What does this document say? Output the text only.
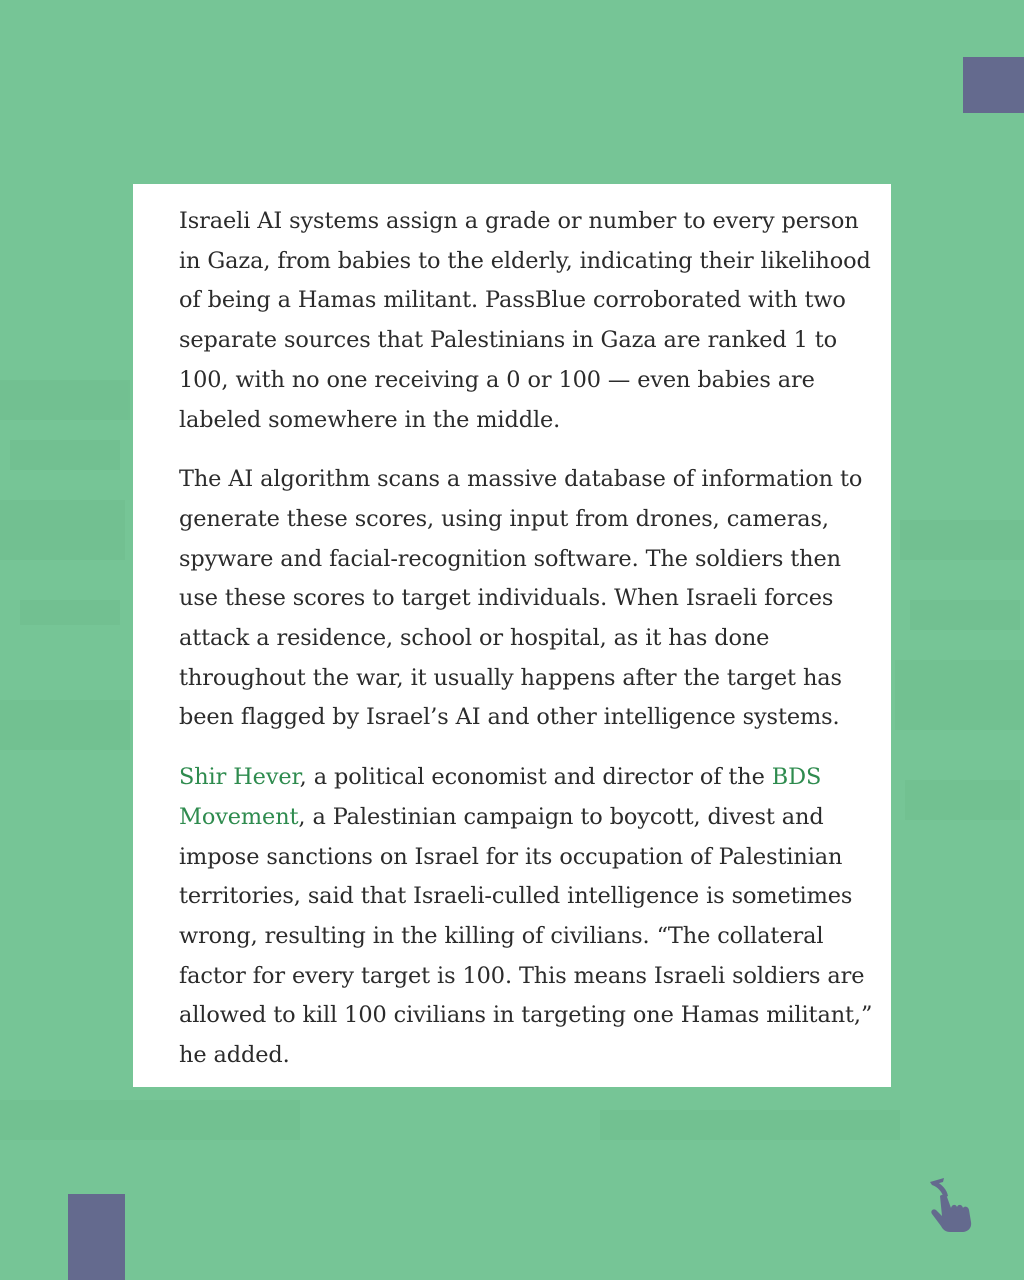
Israeli AI systems assign a grade or number to every person in Gaza, from babies to the elderly, indicating their likelihood of being a Hamas militant. PassBlue corroborated with two separate sources that Palestinians in Gaza are ranked 1 to 100, with no one receiving a 0 or 100 — even babies are labeled somewhere in the middle.

The AI algorithm scans a massive database of information to generate these scores, using input from drones, cameras, spyware and facial-recognition software. The soldiers then use these scores to target individuals. When Israeli forces attack a residence, school or hospital, as it has done throughout the war, it usually happens after the target has been flagged by Israel’s AI and other intelligence systems.

Shir Hever, a political economist and director of the BDS Movement, a Palestinian campaign to boycott, divest and impose sanctions on Israel for its occupation of Palestinian territories, said that Israeli-culled intelligence is sometimes wrong, resulting in the killing of civilians. “The collateral factor for every target is 100. This means Israeli soldiers are allowed to kill 100 civilians in targeting one Hamas militant,” he added.
